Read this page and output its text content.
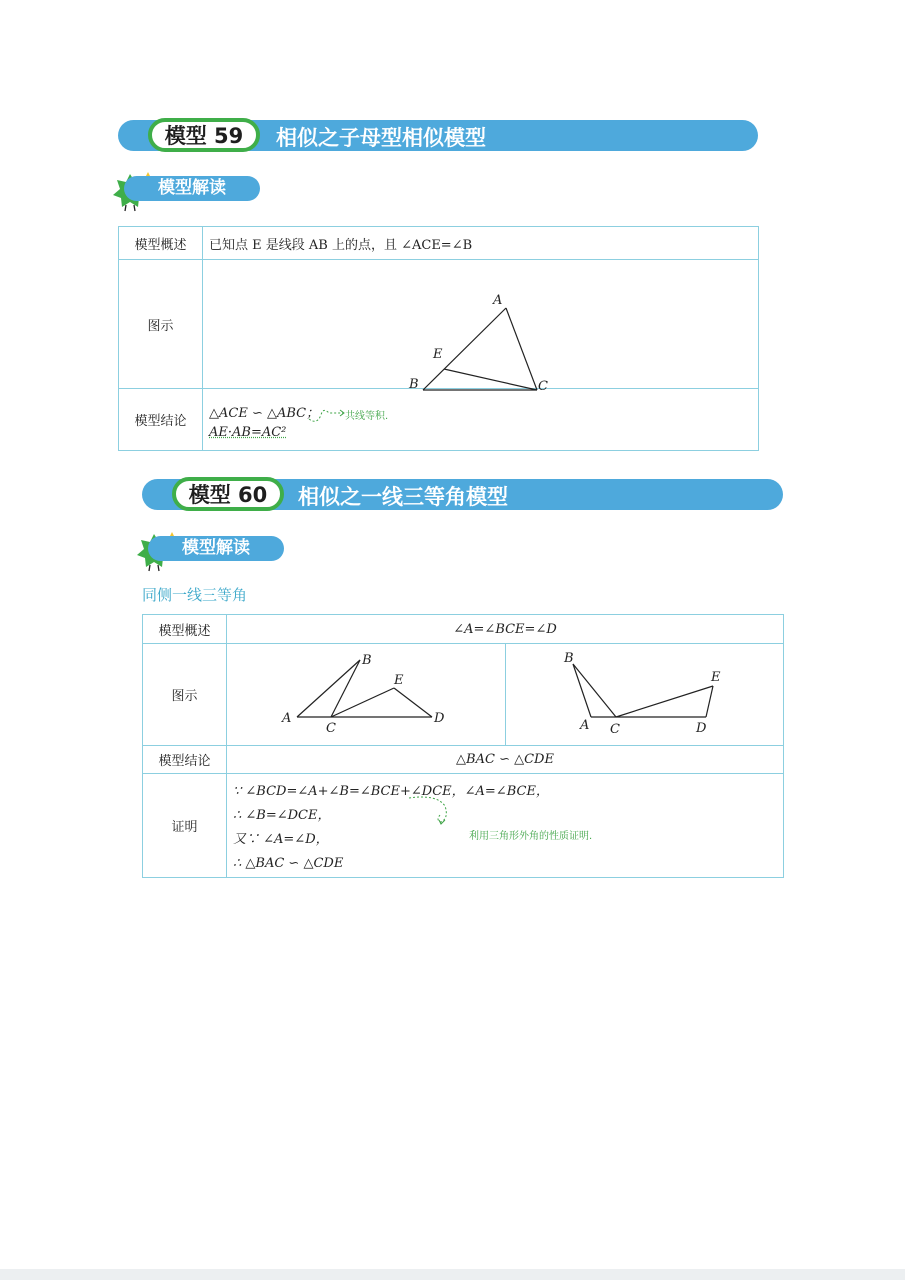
模型 59	相似之子母型相似模型
模型解读
模型概述	已知点 E 是线段 AB 上的点，且 ∠ACE=∠B
图示	A
E
B C

模型结论	△ACE ∽ △ABC；
AE·AB=AC²
共线等积.
模型 60	相似之一线三等角模型
模型解读
同侧一线三等角
模型概述	∠A=∠BCE=∠D	
图示	B
E
A
C
D	B
E
A C D

模型结论	△BAC ∽ △CDE	
证明	∵ ∠BCD=∠A+∠B=∠BCE+∠DCE，∠A=∠BCE，
∴ ∠B=∠DCE，
又∵ ∠A=∠D，
∴ △BAC ∽ △CDE
利用三角形外角的性质证明.	
